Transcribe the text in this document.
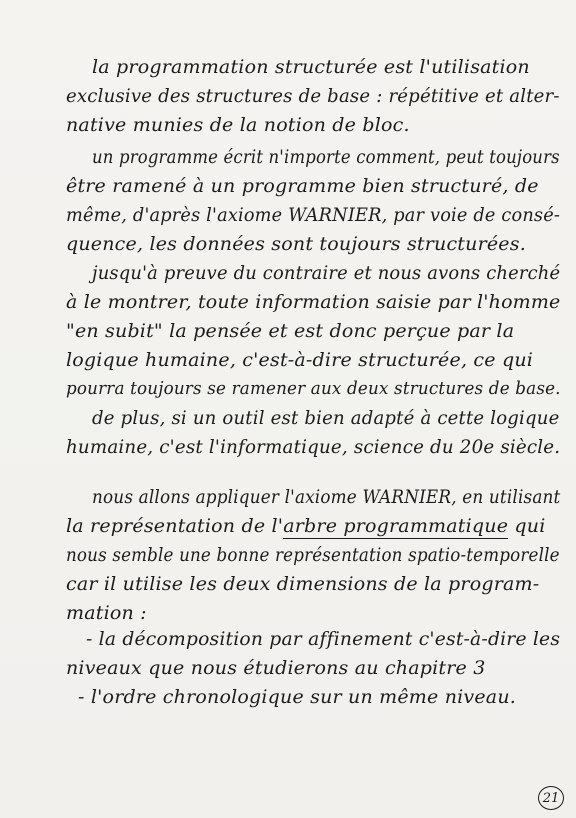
la programmation structurée est l'utilisation
exclusive des structures de base : répétitive et alter-
native munies de la notion de bloc.
un programme écrit n'importe comment, peut toujours
être ramené à un programme bien structuré, de
même, d'après l'axiome WARNIER, par voie de consé-
quence, les données sont toujours structurées.
jusqu'à preuve du contraire et nous avons cherché
à le montrer, toute information saisie par l'homme
"en subit" la pensée et est donc perçue par la
logique humaine, c'est-à-dire structurée, ce qui
pourra toujours se ramener aux deux structures de base.
de plus, si un outil est bien adapté à cette logique
humaine, c'est l'informatique, science du 20e siècle.
nous allons appliquer l'axiome WARNIER, en utilisant
la représentation de l'arbre programmatique qui
nous semble une bonne représentation spatio-temporelle
car il utilise les deux dimensions de la program-
mation :
- la décomposition par affinement c'est-à-dire les
niveaux que nous étudierons au chapitre 3
- l'ordre chronologique sur un même niveau.
21
